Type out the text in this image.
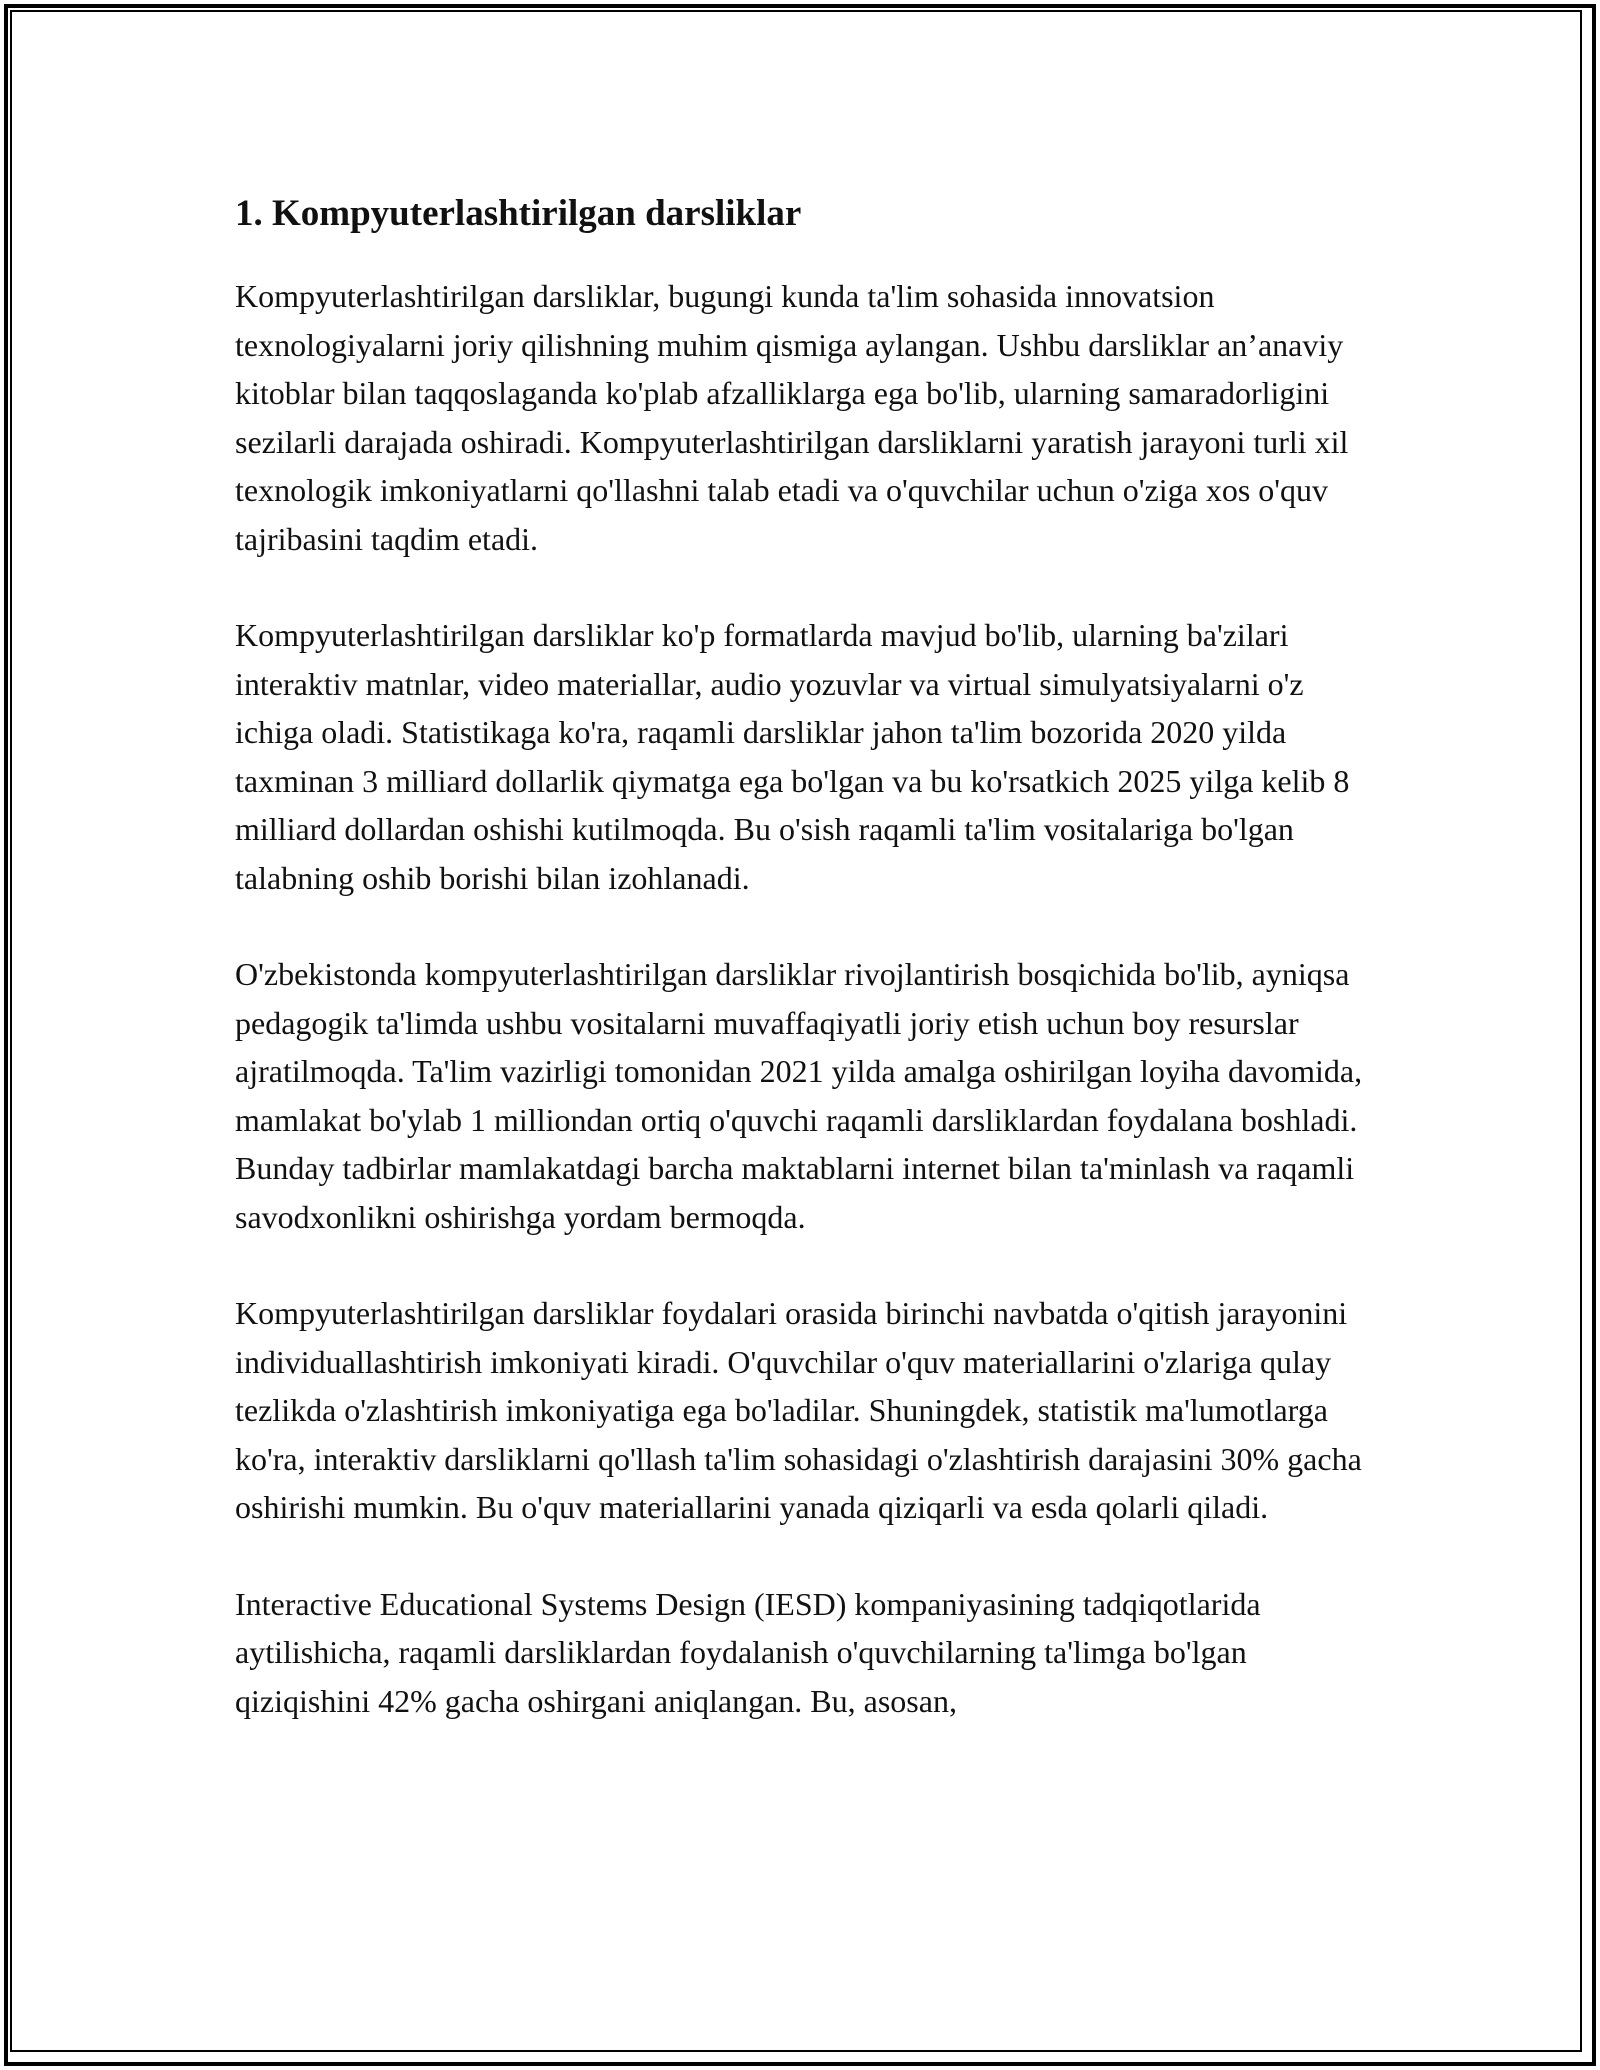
1. Kompyuterlashtirilgan darsliklar

Kompyuterlashtirilgan darsliklar, bugungi kunda ta'lim sohasida innovatsion texnologiyalarni joriy qilishning muhim qismiga aylangan. Ushbu darsliklar an’anaviy kitoblar bilan taqqoslaganda ko'plab afzalliklarga ega bo'lib, ularning samaradorligini sezilarli darajada oshiradi. Kompyuterlashtirilgan darsliklarni yaratish jarayoni turli xil texnologik imkoniyatlarni qo'llashni talab etadi va o'quvchilar uchun o'ziga xos o'quv tajribasini taqdim etadi.

Kompyuterlashtirilgan darsliklar ko'p formatlarda mavjud bo'lib, ularning ba'zilari interaktiv matnlar, video materiallar, audio yozuvlar va virtual simulyatsiyalarni o'z ichiga oladi. Statistikaga ko'ra, raqamli darsliklar jahon ta'lim bozorida 2020 yilda taxminan 3 milliard dollarlik qiymatga ega bo'lgan va bu ko'rsatkich 2025 yilga kelib 8 milliard dollardan oshishi kutilmoqda. Bu o'sish raqamli ta'lim vositalariga bo'lgan talabning oshib borishi bilan izohlanadi.

O'zbekistonda kompyuterlashtirilgan darsliklar rivojlantirish bosqichida bo'lib, ayniqsa pedagogik ta'limda ushbu vositalarni muvaffaqiyatli joriy etish uchun boy resurslar ajratilmoqda. Ta'lim vazirligi tomonidan 2021 yilda amalga oshirilgan loyiha davomida, mamlakat bo'ylab 1 milliondan ortiq o'quvchi raqamli darsliklardan foydalana boshladi. Bunday tadbirlar mamlakatdagi barcha maktablarni internet bilan ta'minlash va raqamli savodxonlikni oshirishga yordam bermoqda.

Kompyuterlashtirilgan darsliklar foydalari orasida birinchi navbatda o'qitish jarayonini individuallashtirish imkoniyati kiradi. O'quvchilar o'quv materiallarini o'zlariga qulay tezlikda o'zlashtirish imkoniyatiga ega bo'ladilar. Shuningdek, statistik ma'lumotlarga ko'ra, interaktiv darsliklarni qo'llash ta'lim sohasidagi o'zlashtirish darajasini 30% gacha oshirishi mumkin. Bu o'quv materiallarini yanada qiziqarli va esda qolarli qiladi.

Interactive Educational Systems Design (IESD) kompaniyasining tadqiqotlarida aytilishicha, raqamli darsliklardan foydalanish o'quvchilarning ta'limga bo'lgan qiziqishini 42% gacha oshirgani aniqlangan. Bu, asosan,
